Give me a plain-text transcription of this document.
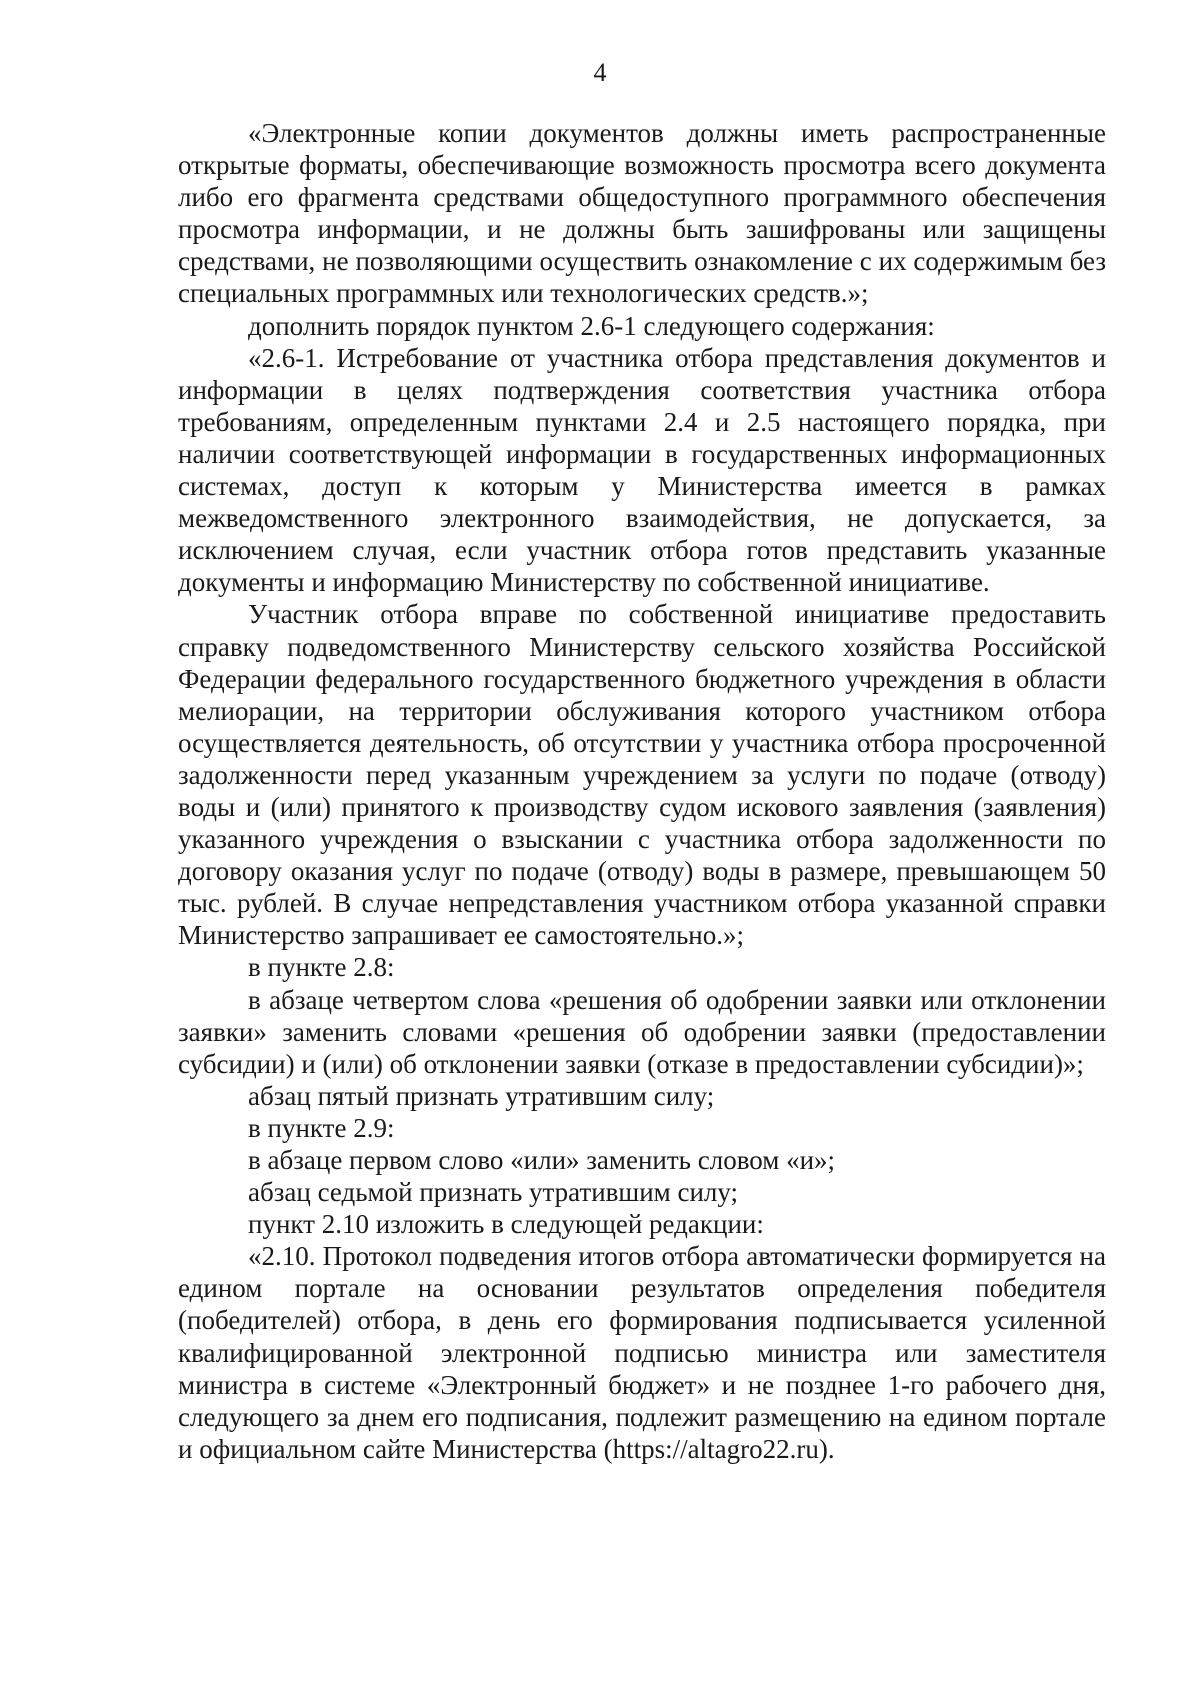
4

«Электронные копии документов должны иметь распространенные открытые форматы, обеспечивающие возможность просмотра всего документа либо его фрагмента средствами общедоступного программного обеспечения просмотра информации, и не должны быть зашифрованы или защищены средствами, не позволяющими осуществить ознакомление с их содержимым без специальных программных или технологических средств.»;

дополнить порядок пунктом 2.6-1 следующего содержания:

«2.6-1. Истребование от участника отбора представления документов и информации в целях подтверждения соответствия участника отбора требованиям, определенным пунктами 2.4 и 2.5 настоящего порядка, при наличии соответствующей информации в государственных информационных системах, доступ к которым у Министерства имеется в рамках межведомственного электронного взаимодействия, не допускается, за исключением случая, если участник отбора готов представить указанные документы и информацию Министерству по собственной инициативе.

Участник отбора вправе по собственной инициативе предоставить справку подведомственного Министерству сельского хозяйства Российской Федерации федерального государственного бюджетного учреждения в области мелиорации, на территории обслуживания которого участником отбора осуществляется деятельность, об отсутствии у участника отбора просроченной задолженности перед указанным учреждением за услуги по подаче (отводу) воды и (или) принятого к производству судом искового заявления (заявления) указанного учреждения о взыскании с участника отбора задолженности по договору оказания услуг по подаче (отводу) воды в размере, превышающем 50 тыс. рублей. В случае непредставления участником отбора указанной справки Министерство запрашивает ее самостоятельно.»;

в пункте 2.8:

в абзаце четвертом слова «решения об одобрении заявки или отклонении заявки» заменить словами «решения об одобрении заявки (предоставлении субсидии) и (или) об отклонении заявки (отказе в предоставлении субсидии)»;

абзац пятый признать утратившим силу;

в пункте 2.9:

в абзаце первом слово «или» заменить словом «и»;

абзац седьмой признать утратившим силу;

пункт 2.10 изложить в следующей редакции:

«2.10. Протокол подведения итогов отбора автоматически формируется на едином портале на основании результатов определения победителя (победителей) отбора, в день его формирования подписывается усиленной квалифицированной электронной подписью министра или заместителя министра в системе «Электронный бюджет» и не позднее 1-го рабочего дня, следующего за днем его подписания, подлежит размещению на едином портале и официальном сайте Министерства (https://altagro22.ru).
